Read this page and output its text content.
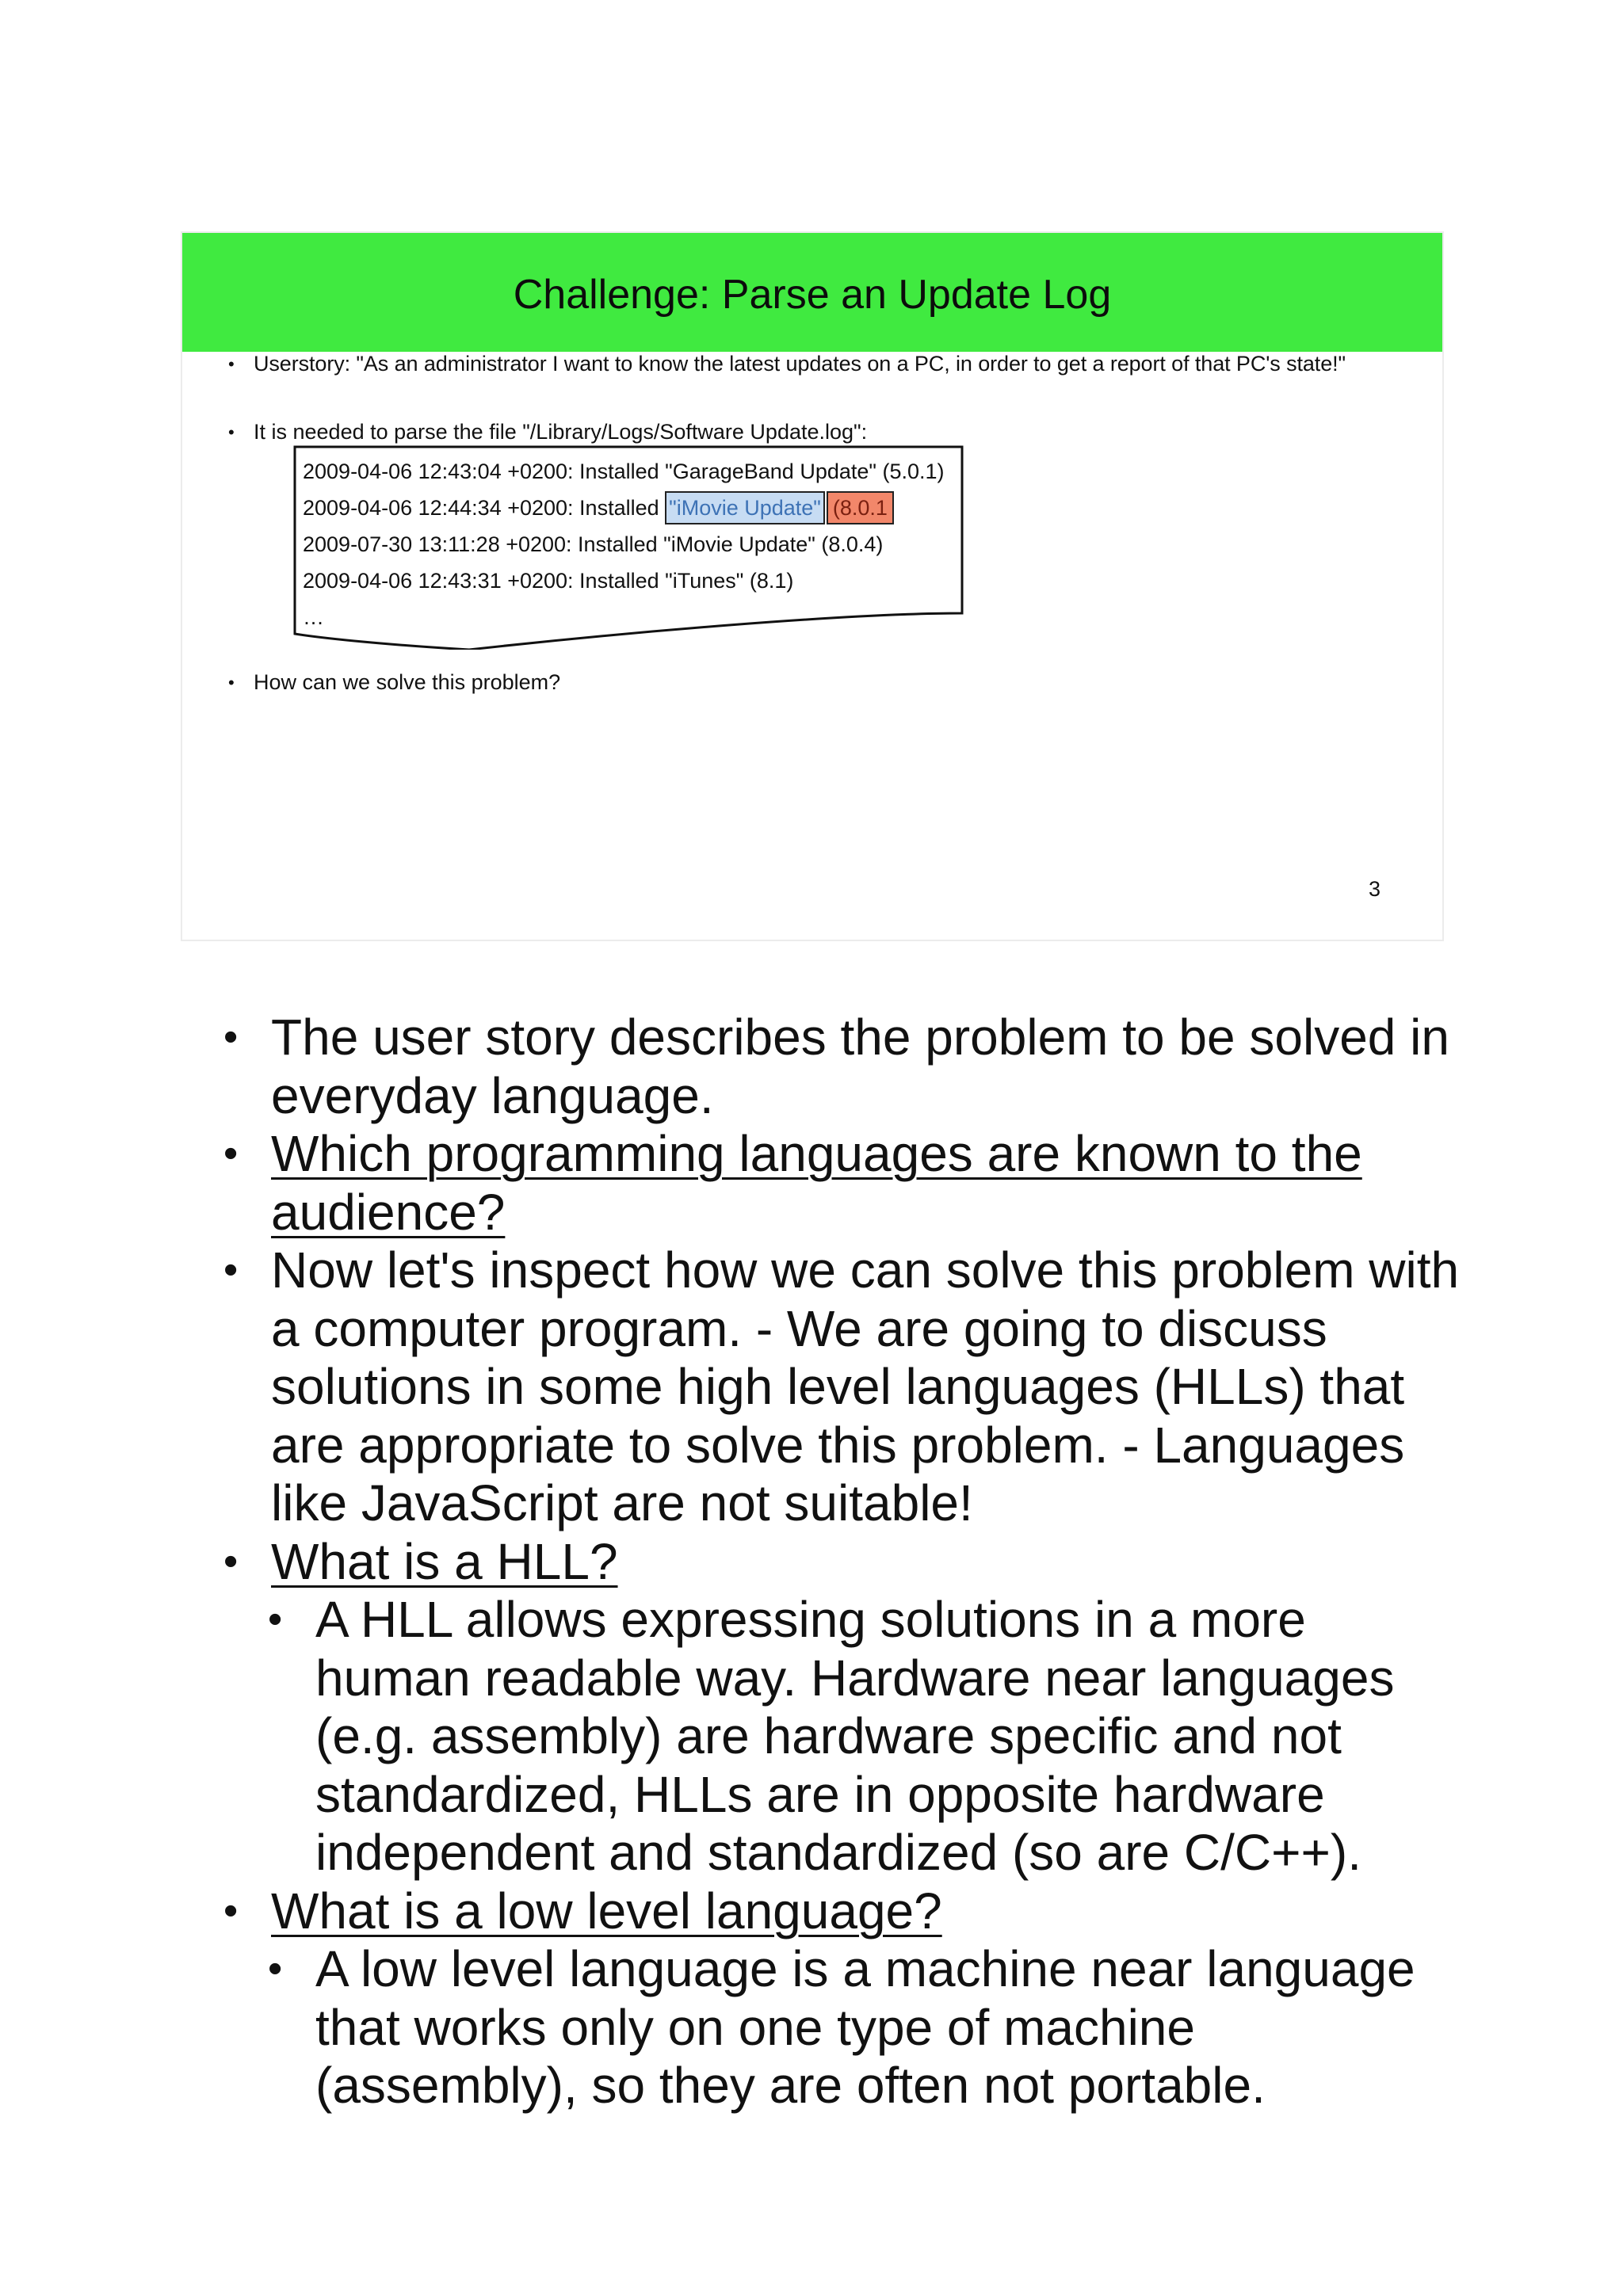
Challenge: Parse an Update Log
• Userstory: "As an administrator I want to know the latest updates on a PC, in order to get a report of that PC's state!"
• It is needed to parse the file "/Library/Logs/Software Update.log":
• How can we solve this problem?
2009-04-06 12:43:04 +0200: Installed "GarageBand Update" (5.0.1)
2009-04-06 12:44:34 +0200: Installed "iMovie Update" (8.0.1
2009-07-30 13:11:28 +0200: Installed "iMovie Update" (8.0.4)
2009-04-06 12:43:31 +0200: Installed "iTunes" (8.1)
…
3
• The user story describes the problem to be solved in everyday language.
• Which programming languages are known to the audience?
• Now let's inspect how we can solve this problem with a computer program. - We are going to discuss solutions in some high level languages (HLLs) that are appropriate to solve this problem. - Languages like JavaScript are not suitable!
• What is a HLL?
• A HLL allows expressing solutions in a more human readable way. Hardware near languages (e.g. assembly) are hardware specific and not standardized, HLLs are in opposite hardware independent and standardized (so are C/C++).
• What is a low level language?
• A low level language is a machine near language that works only on one type of machine (assembly), so they are often not portable.
